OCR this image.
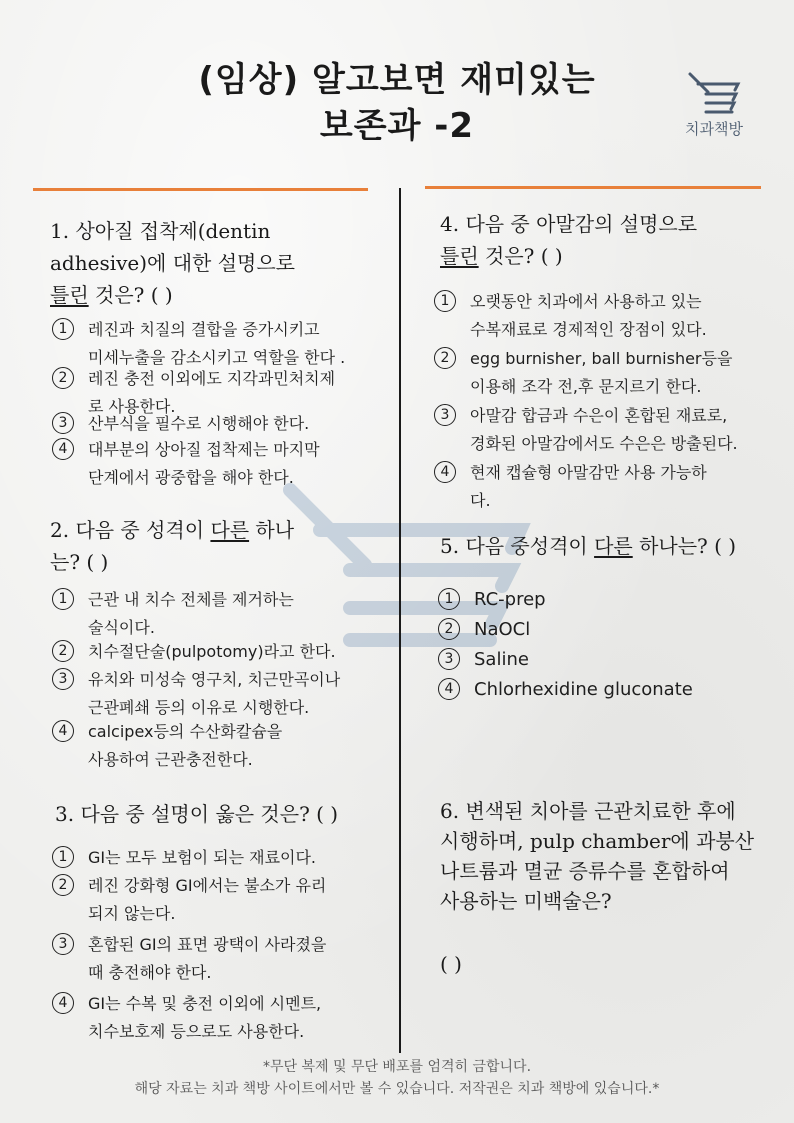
(임상) 알고보면 재미있는
보존과 -2	치과책방
1. 상아질 접착제(dentin
adhesive)에 대한 설명으로
틀린 것은? ( )
1	레진과 치질의 결합을 증가시키고
미세누출을 감소시키고 역할을 한다 .
2	레진 충전 이외에도 지각과민처치제
로 사용한다.
3	산부식을 필수로 시행해야 한다.
4	대부분의 상아질 접착제는 마지막
단계에서 광중합을 해야 한다.
2. 다음 중 성격이 다른 하나
는? ( )
1	근관 내 치수 전체를 제거하는
술식이다.
2	치수절단술(pulpotomy)라고 한다.
3	유치와 미성숙 영구치, 치근만곡이나
근관폐쇄 등의 이유로 시행한다.
4	calcipex등의 수산화칼슘을
사용하여 근관충전한다.
3. 다음 중 설명이 옳은 것은? ( )
1	GI는 모두 보험이 되는 재료이다.
2	레진 강화형 GI에서는 불소가 유리
되지 않는다.
3	혼합된 GI의 표면 광택이 사라졌을
때 충전해야 한다.
4	GI는 수복 및 충전 이외에 시멘트,
치수보호제 등으로도 사용한다.
4. 다음 중 아말감의 설명으로
틀린 것은? ( )
1	오랫동안 치과에서 사용하고 있는
수복재료로 경제적인 장점이 있다.
2	egg burnisher, ball burnisher등을
이용해 조각 전,후 문지르기 한다.
3	아말감 합금과 수은이 혼합된 재료로,
경화된 아말감에서도 수은은 방출된다.
4	현재 캡슐형 아말감만 사용 가능하
다.
5. 다음 중성격이 다른 하나는? ( )
1	RC-prep
2	NaOCl
3	Saline
4	Chlorhexidine gluconate
6. 변색된 치아를 근관치료한 후에
시행하며, pulp chamber에 과붕산
나트륨과 멸균 증류수를 혼합하여
사용하는 미백술은?
( )
*무단 복제 및 무단 배포를 엄격히 금합니다.
해당 자료는 치과 책방 사이트에서만 볼 수 있습니다. 저작권은 치과 책방에 있습니다.*
